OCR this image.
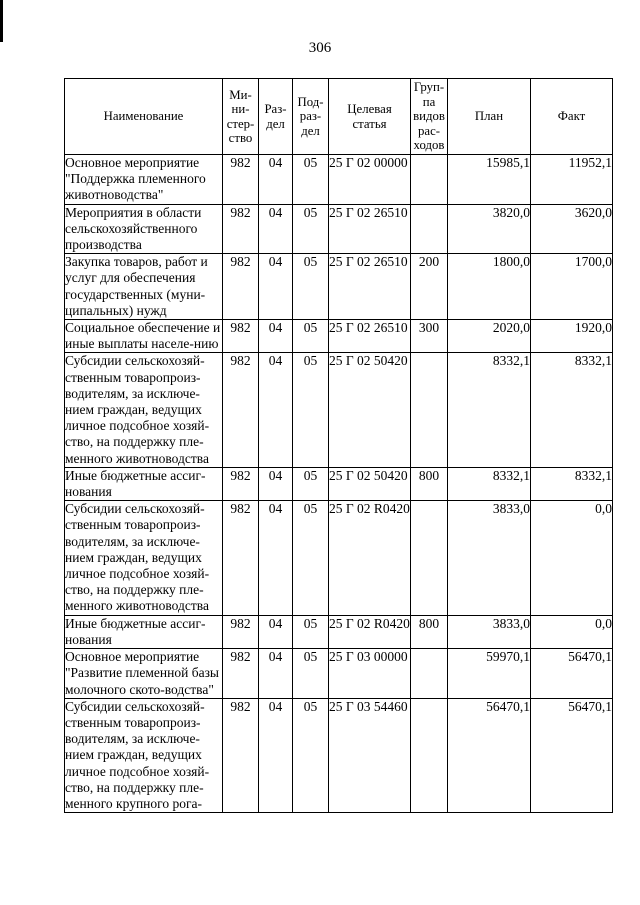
306
Наименование	Ми-
ни-
стер-
ство	Раз-
дел	Под-
раз-
дел	Целевая
статья	Груп-
па
видов
рас-
ходов	План	Факт
Основное мероприятие "Поддержка племенного животноводства"	982	04	05	25 Г 02 00000		15985,1	11952,1
Мероприятия в области сельскохозяйственного производства	982	04	05	25 Г 02 26510		3820,0	3620,0
Закупка товаров, работ и услуг для обеспечения государственных (муни-ципальных) нужд	982	04	05	25 Г 02 26510	200	1800,0	1700,0
Социальное обеспечение и иные выплаты населе-нию	982	04	05	25 Г 02 26510	300	2020,0	1920,0
Субсидии сельскохозяй-ственным товаропроиз-водителям, за исключе-нием граждан, ведущих личное подсобное хозяй-ство, на поддержку пле-менного животноводства	982	04	05	25 Г 02 50420		8332,1	8332,1
Иные бюджетные ассиг-нования	982	04	05	25 Г 02 50420	800	8332,1	8332,1
Субсидии сельскохозяй-ственным товаропроиз-водителям, за исключе-нием граждан, ведущих личное подсобное хозяй-ство, на поддержку пле-менного животноводства	982	04	05	25 Г 02 R0420		3833,0	0,0
Иные бюджетные ассиг-нования	982	04	05	25 Г 02 R0420	800	3833,0	0,0
Основное мероприятие "Развитие племенной базы молочного ското-водства"	982	04	05	25 Г 03 00000		59970,1	56470,1
Субсидии сельскохозяй-ственным товаропроиз-водителям, за исключе-нием граждан, ведущих личное подсобное хозяй-ство, на поддержку пле-менного крупного рога-	982	04	05	25 Г 03 54460		56470,1	56470,1
